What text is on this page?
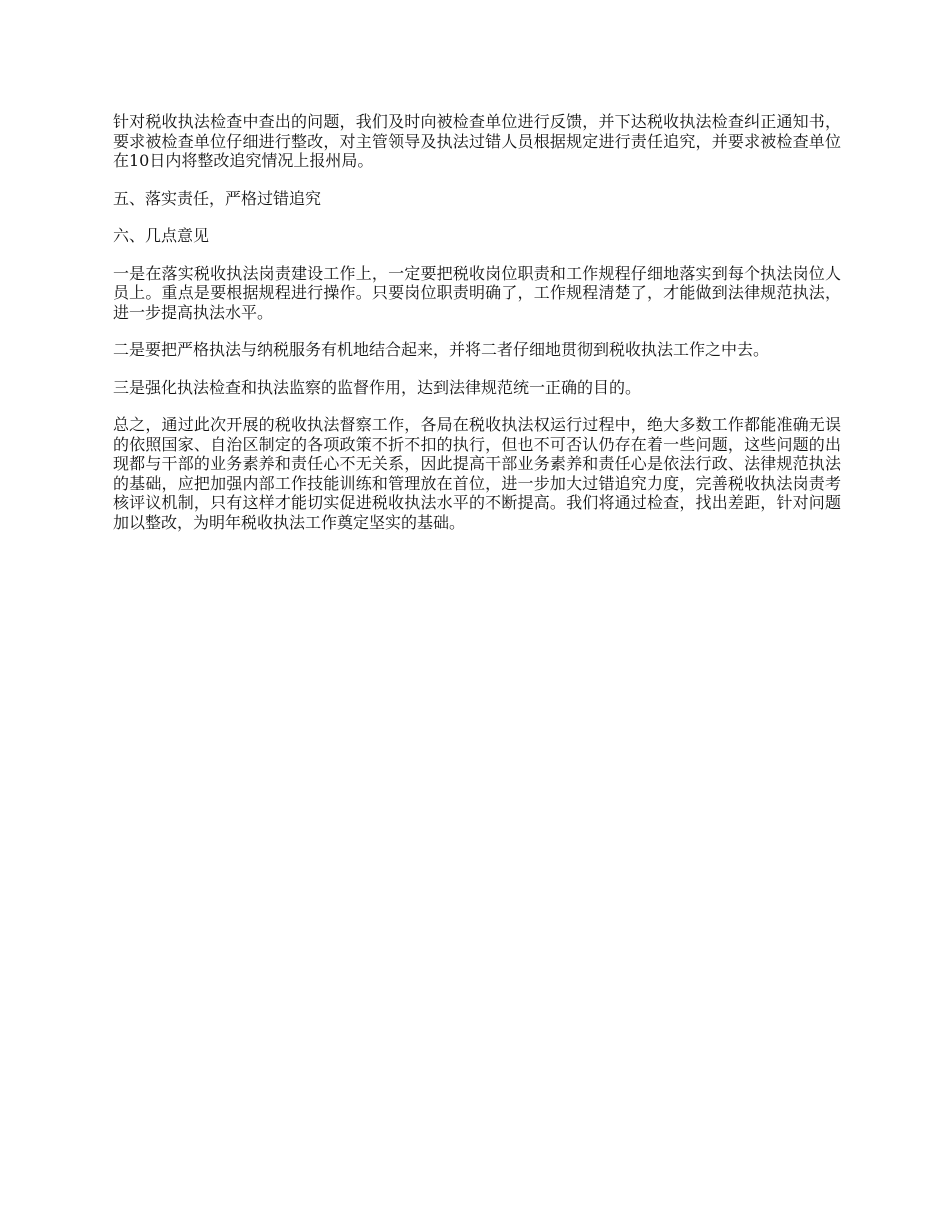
针对税收执法检查中查出的问题，我们及时向被检查单位进行反馈，并下达税收执法检查纠正通知书，要求被检查单位仔细进行整改，对主管领导及执法过错人员根据规定进行责任追究，并要求被检查单位在10日内将整改追究情况上报州局。

五、落实责任，严格过错追究

六、几点意见

一是在落实税收执法岗责建设工作上，一定要把税收岗位职责和工作规程仔细地落实到每个执法岗位人员上。重点是要根据规程进行操作。只要岗位职责明确了，工作规程清楚了，才能做到法律规范执法，进一步提高执法水平。

二是要把严格执法与纳税服务有机地结合起来，并将二者仔细地贯彻到税收执法工作之中去。

三是强化执法检查和执法监察的监督作用，达到法律规范统一正确的目的。

总之，通过此次开展的税收执法督察工作，各局在税收执法权运行过程中，绝大多数工作都能准确无误的依照国家、自治区制定的各项政策不折不扣的执行，但也不可否认仍存在着一些问题，这些问题的出现都与干部的业务素养和责任心不无关系，因此提高干部业务素养和责任心是依法行政、法律规范执法的基础，应把加强内部工作技能训练和管理放在首位，进一步加大过错追究力度，完善税收执法岗责考核评议机制，只有这样才能切实促进税收执法水平的不断提高。我们将通过检查，找出差距，针对问题加以整改，为明年税收执法工作奠定坚实的基础。
